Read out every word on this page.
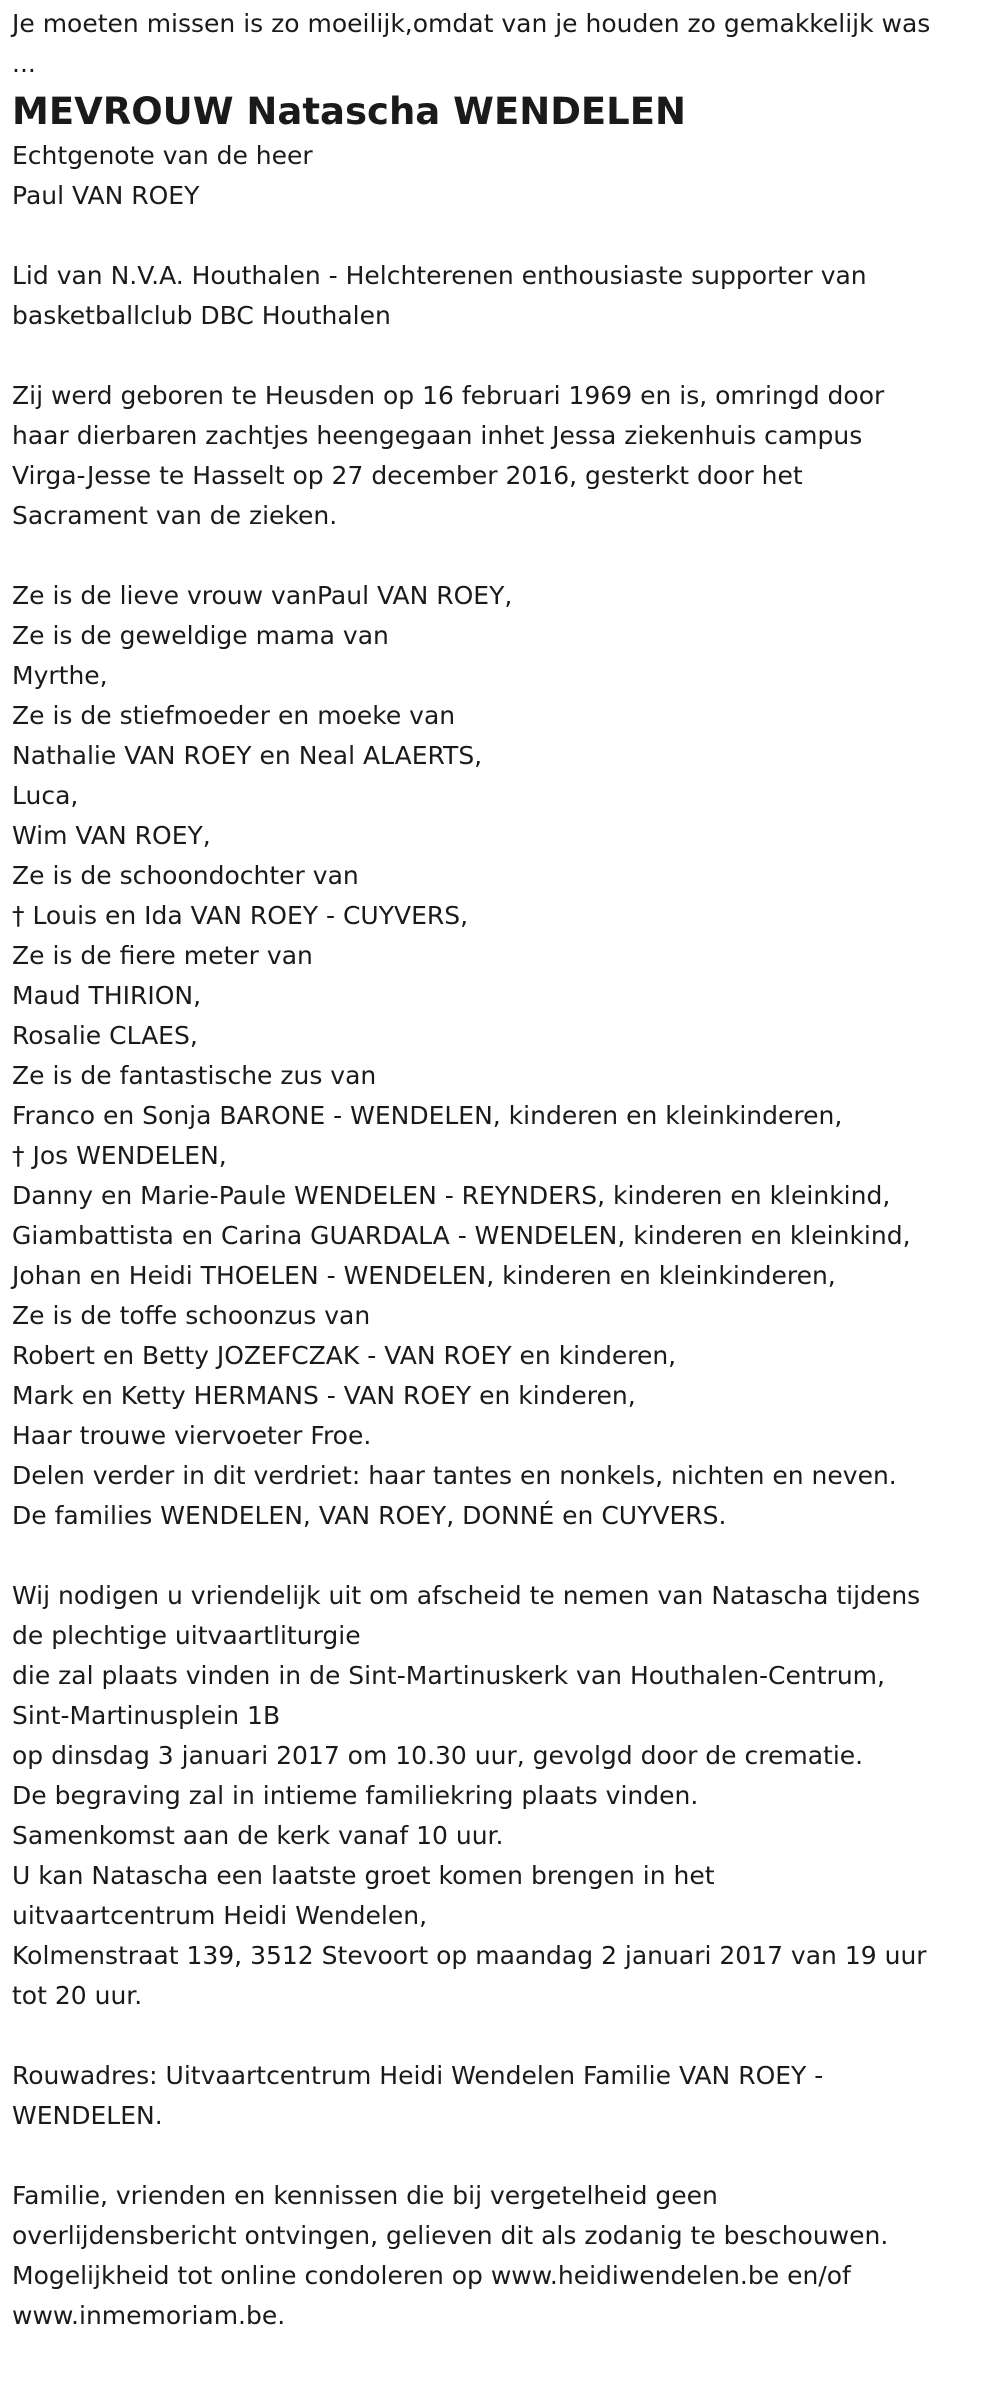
Je moeten missen is zo moeilijk,omdat van je houden zo gemakkelijk was
...
MEVROUW Natascha WENDELEN
Echtgenote van de heer
Paul VAN ROEY
Lid van N.V.A. Houthalen - Helchterenen enthousiaste supporter van
basketballclub DBC Houthalen
Zij werd geboren te Heusden op 16 februari 1969 en is, omringd door
haar dierbaren zachtjes heengegaan inhet Jessa ziekenhuis campus
Virga-Jesse te Hasselt op 27 december 2016, gesterkt door het
Sacrament van de zieken.
Ze is de lieve vrouw vanPaul VAN ROEY,
Ze is de geweldige mama van
Myrthe,
Ze is de stiefmoeder en moeke van
Nathalie VAN ROEY en Neal ALAERTS,
Luca,
Wim VAN ROEY,
Ze is de schoondochter van
† Louis en Ida VAN ROEY - CUYVERS,
Ze is de fiere meter van
Maud THIRION,
Rosalie CLAES,
Ze is de fantastische zus van
Franco en Sonja BARONE - WENDELEN, kinderen en kleinkinderen,
† Jos WENDELEN,
Danny en Marie-Paule WENDELEN - REYNDERS, kinderen en kleinkind,
Giambattista en Carina GUARDALA - WENDELEN, kinderen en kleinkind,
Johan en Heidi THOELEN - WENDELEN, kinderen en kleinkinderen,
Ze is de toffe schoonzus van
Robert en Betty JOZEFCZAK - VAN ROEY en kinderen,
Mark en Ketty HERMANS - VAN ROEY en kinderen,
Haar trouwe viervoeter Froe.
Delen verder in dit verdriet: haar tantes en nonkels, nichten en neven.
De families WENDELEN, VAN ROEY, DONNÉ en CUYVERS.
Wij nodigen u vriendelijk uit om afscheid te nemen van Natascha tijdens
de plechtige uitvaartliturgie
die zal plaats vinden in de Sint-Martinuskerk van Houthalen-Centrum,
Sint-Martinusplein 1B
op dinsdag 3 januari 2017 om 10.30 uur, gevolgd door de crematie.
De begraving zal in intieme familiekring plaats vinden.
Samenkomst aan de kerk vanaf 10 uur.
U kan Natascha een laatste groet komen brengen in het
uitvaartcentrum Heidi Wendelen,
Kolmenstraat 139, 3512 Stevoort op maandag 2 januari 2017 van 19 uur
tot 20 uur.
Rouwadres: Uitvaartcentrum Heidi Wendelen Familie VAN ROEY -
WENDELEN.
Familie, vrienden en kennissen die bij vergetelheid geen
overlijdensbericht ontvingen, gelieven dit als zodanig te beschouwen.
Mogelijkheid tot online condoleren op www.heidiwendelen.be en/of
www.inmemoriam.be.
